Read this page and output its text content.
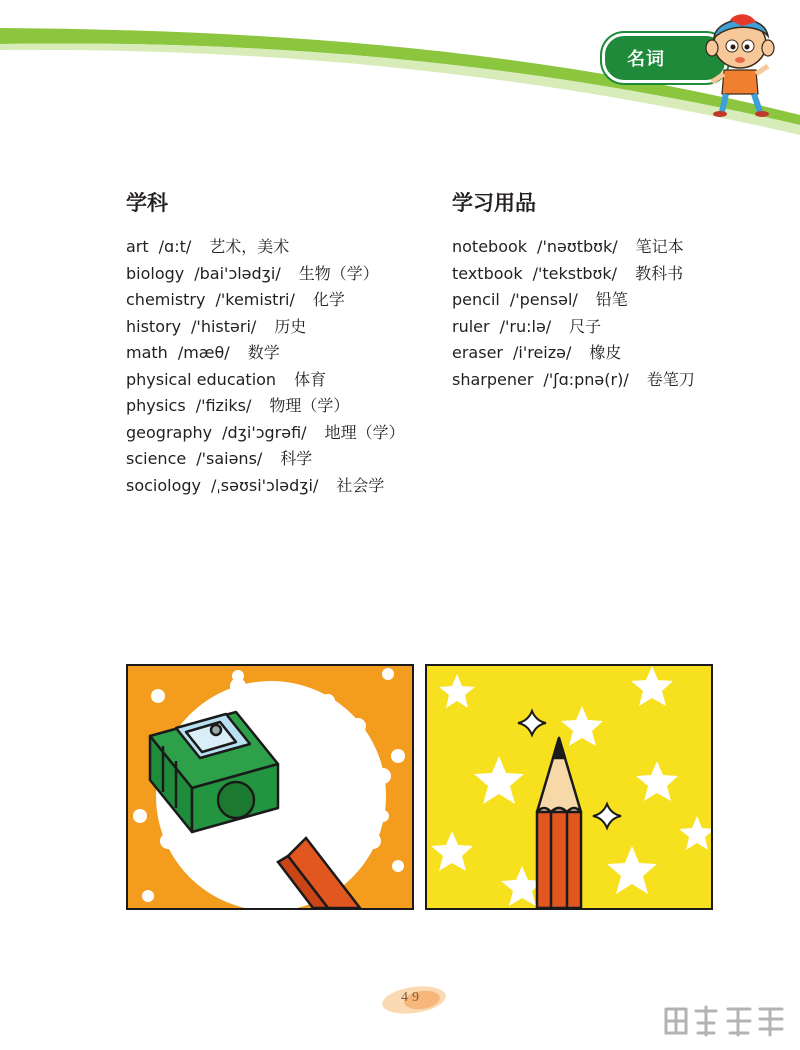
名词
学科
art /ɑ:t/ 艺术，美术
biology /bai'ɔlədʒi/ 生物（学）
chemistry /'kemistri/ 化学
history /'histəri/ 历史
math /mæθ/ 数学
physical education 体育
physics /'fiziks/ 物理（学）
geography /dʒi'ɔgrəfi/ 地理（学）
science /'saiəns/ 科学
sociology /ˌsəʊsi'ɔlədʒi/ 社会学
学习用品
notebook /'nəʊtbʊk/ 笔记本
textbook /'tekstbʊk/ 教科书
pencil /'pensəl/ 铅笔
ruler /'ru:lə/ 尺子
eraser /i'reizə/ 橡皮
sharpener /'ʃɑ:pnə(r)/ 卷笔刀
49
